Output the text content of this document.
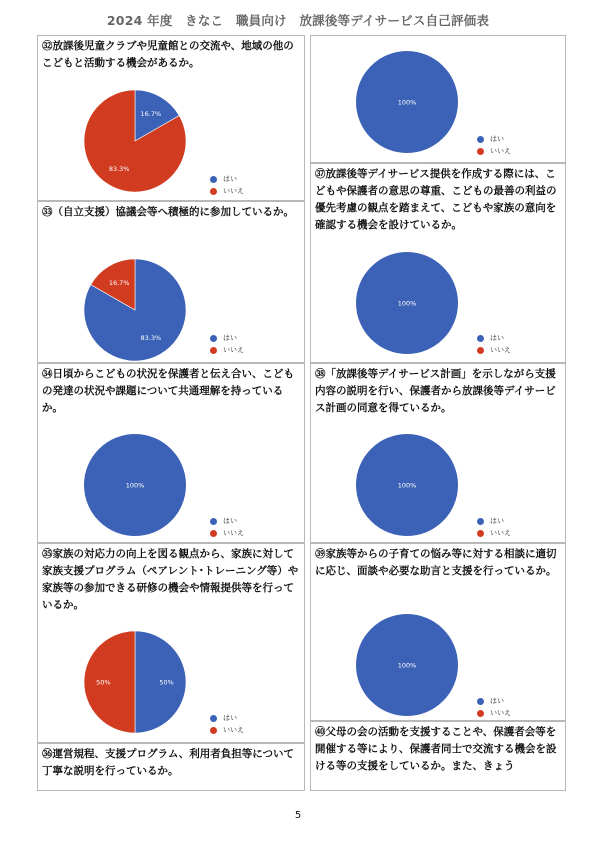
2024 年度　きなこ　職員向け　放課後等デイサービス自己評価表

㉜放課後児童クラブや児童館との交流や、地域の他のこどもと活動する機会があるか。

16.7%
83.3%
はい
いいえ

㉝（自立支援）協議会等へ積極的に参加しているか。

83.3%
16.7%
はい
いいえ

㉞日頃からこどもの状況を保護者と伝え合い、こどもの発達の状況や課題について共通理解を持っているか。

100%
はい
いいえ

㉟家族の対応力の向上を図る観点から、家族に対して家族支援プログラム（ペアレント･トレーニング等）や家族等の参加できる研修の機会や情報提供等を行っているか。

50%
50%
はい
いいえ

㊱運営規程、支援プログラム、利用者負担等について丁寧な説明を行っているか。

100%
はい
いいえ

㊲放課後等デイサービス提供を作成する際には、こどもや保護者の意思の尊重、こどもの最善の利益の優先考慮の観点を踏まえて、こどもや家族の意向を確認する機会を設けているか。

100%
はい
いいえ

㊳「放課後等デイサービス計画」を示しながら支援内容の説明を行い、保護者から放課後等デイサービス計画の同意を得ているか。

100%
はい
いいえ

㊴家族等からの子育ての悩み等に対する相談に適切に応じ、面談や必要な助言と支援を行っているか。

100%
はい
いいえ

㊵父母の会の活動を支援することや、保護者会等を開催する等により、保護者同士で交流する機会を設ける等の支援をしているか。また、きょう

5
